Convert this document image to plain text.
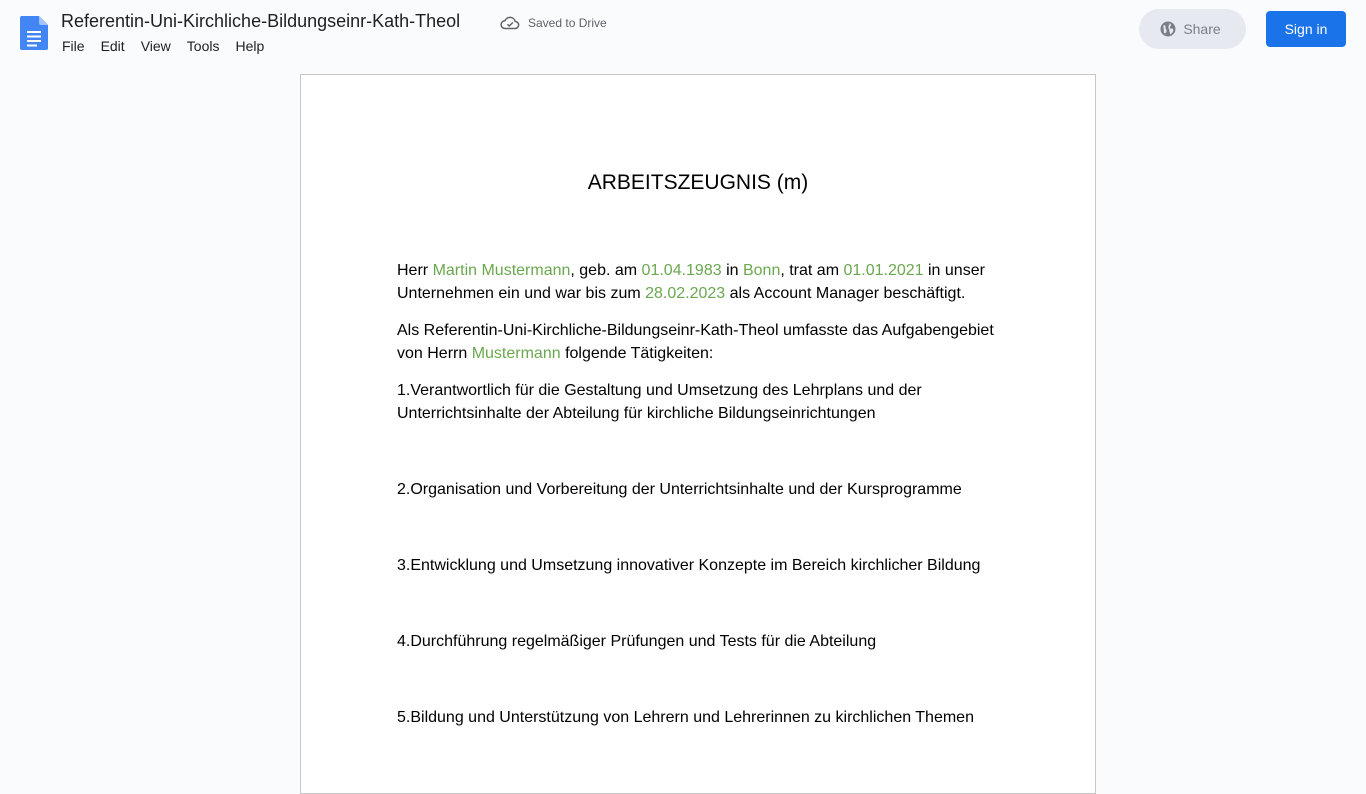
Referentin-Uni-Kirchliche-Bildungseinr-Kath-Theol	Saved to Drive
File	Edit	View	Tools	Help
Share	Sign in
ARBEITSZEUGNIS (m)
Herr Martin Mustermann, geb. am 01.04.1983 in Bonn, trat am 01.01.2021 in unser Unternehmen ein und war bis zum 28.02.2023 als Account Manager beschäftigt.
Als Referentin-Uni-Kirchliche-Bildungseinr-Kath-Theol umfasste das Aufgabengebiet von Herrn Mustermann folgende Tätigkeiten:
1.Verantwortlich für die Gestaltung und Umsetzung des Lehrplans und der Unterrichtsinhalte der Abteilung für kirchliche Bildungseinrichtungen
2.Organisation und Vorbereitung der Unterrichtsinhalte und der Kursprogramme
3.Entwicklung und Umsetzung innovativer Konzepte im Bereich kirchlicher Bildung
4.Durchführung regelmäßiger Prüfungen und Tests für die Abteilung
5.Bildung und Unterstützung von Lehrern und Lehrerinnen zu kirchlichen Themen
